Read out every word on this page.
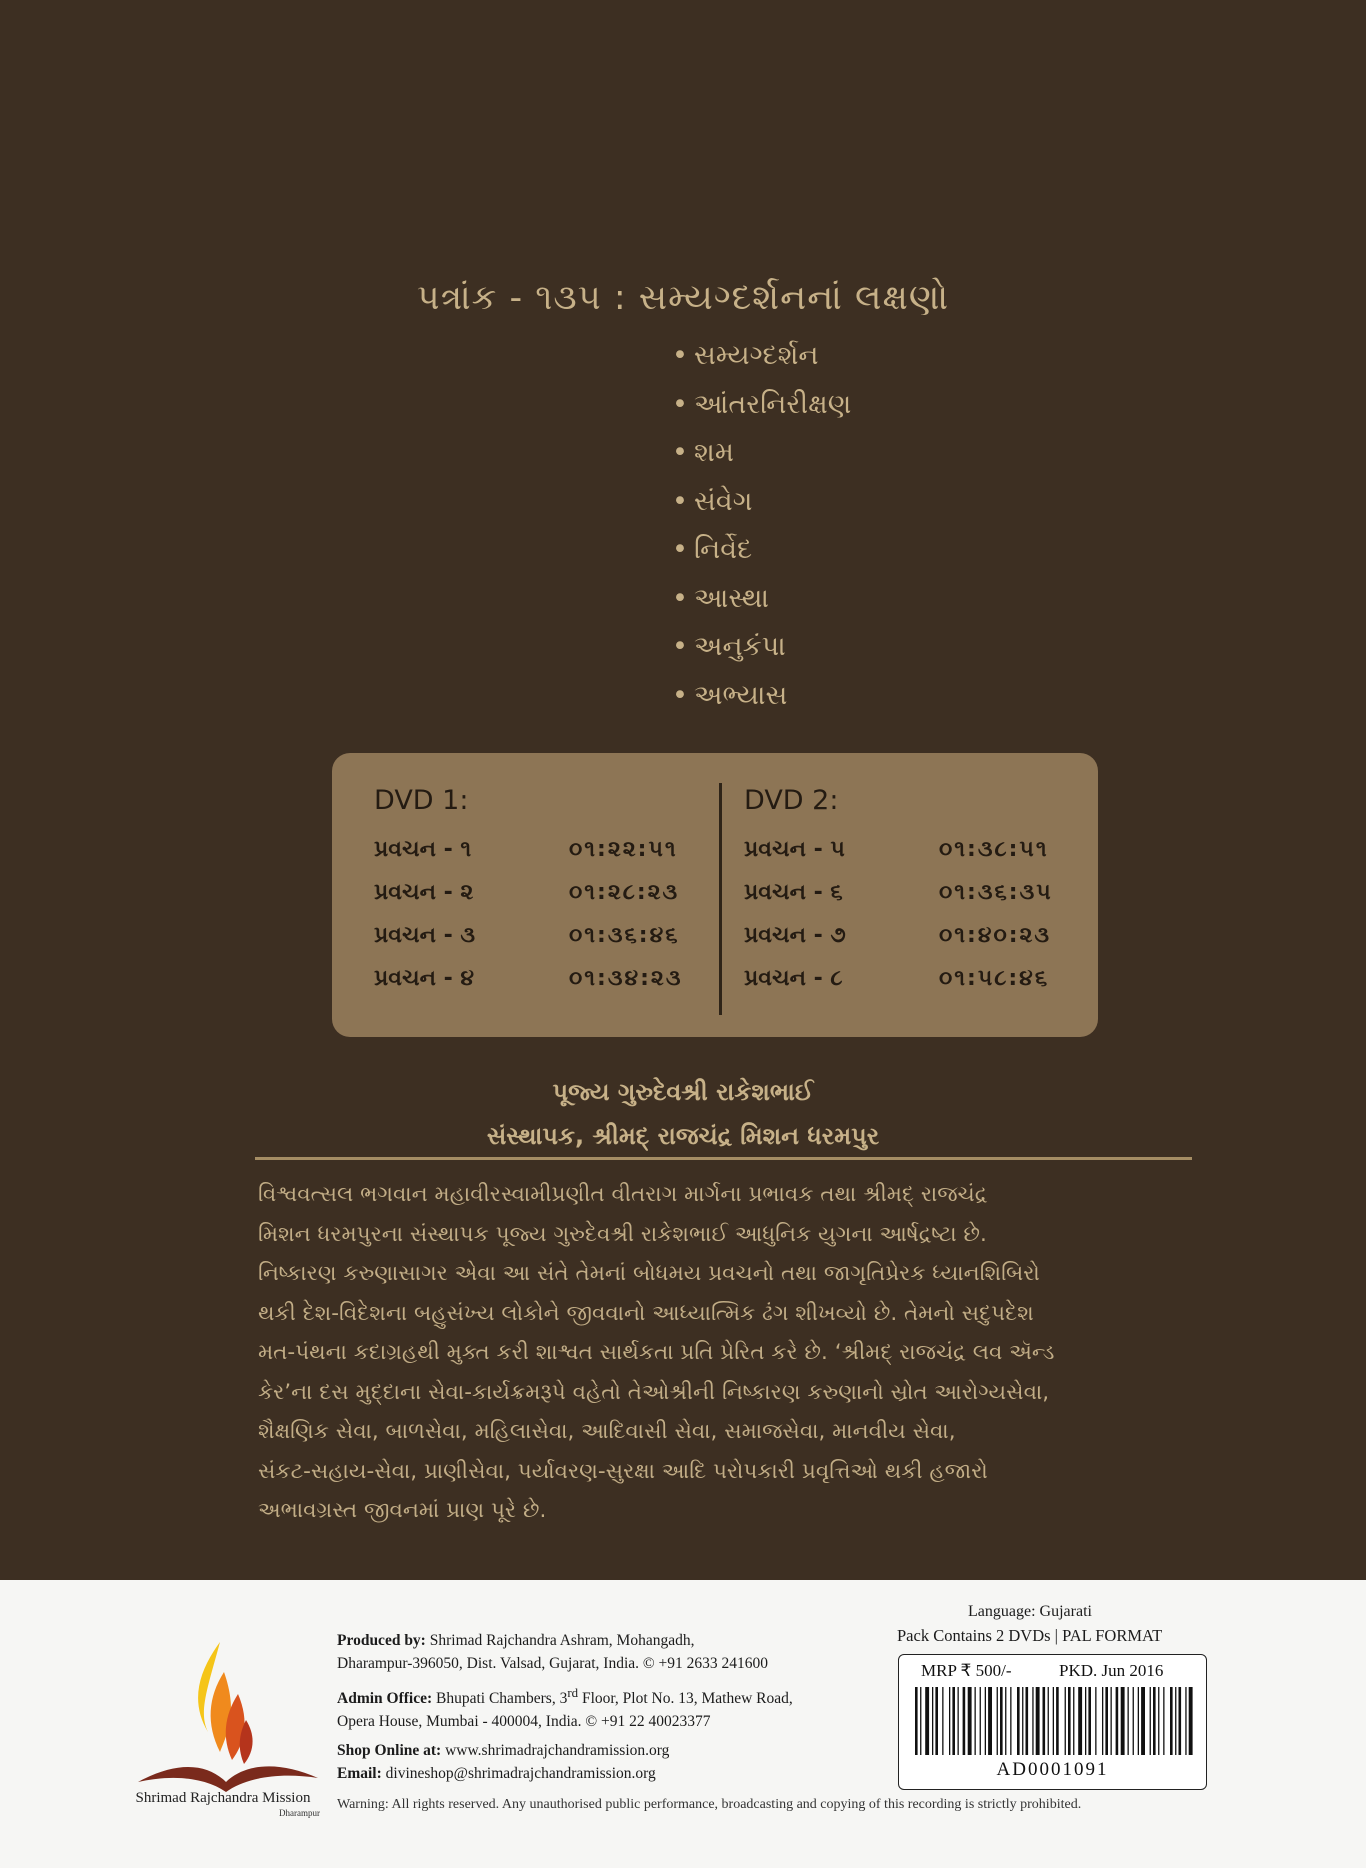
પત્રાંક - ૧૩૫ : સમ્યગ્દર્શનનાં લક્ષણો
• સમ્યગ્દર્શન
• આંતરનિરીક્ષણ
• શમ
• સંવેગ
• નિર્વેદ
• આસ્થા
• અનુકંપા
• અભ્યાસ
DVD 1:
પ્રવચન - ૧	૦૧:૨૨:૫૧
પ્રવચન - ૨	૦૧:૨૮:૨૩
પ્રવચન - ૩	૦૧:૩૬:૪૬
પ્રવચન - ૪	૦૧:૩૪:૨૩
DVD 2:
પ્રવચન - ૫	૦૧:૩૮:૫૧
પ્રવચન - ૬	૦૧:૩૬:૩૫
પ્રવચન - ૭	૦૧:૪૦:૨૩
પ્રવચન - ૮	૦૧:૫૮:૪૬
પૂજ્ય ગુરુદેવશ્રી રાકેશભાઈ
સંસ્થાપક, શ્રીમદ્ રાજચંદ્ર મિશન ધરમપુર
વિશ્વવત્સલ ભગવાન મહાવીરસ્વામીપ્રણીત વીતરાગ માર્ગના પ્રભાવક તથા શ્રીમદ્ રાજચંદ્ર
મિશન ધરમપુરના સંસ્થાપક પૂજ્ય ગુરુદેવશ્રી રાકેશભાઈ આધુનિક યુગના આર્ષદ્રષ્ટા છે.
નિષ્કારણ કરુણાસાગર એવા આ સંતે તેમનાં બોધમય પ્રવચનો તથા જાગૃતિપ્રેરક ધ્યાનશિબિરો
થકી દેશ-વિદેશના બહુસંખ્ય લોકોને જીવવાનો આધ્યાત્મિક ઢંગ શીખવ્યો છે. તેમનો સદુપદેશ
મત-પંથના કદાગ્રહથી મુક્ત કરી શાશ્વત સાર્થકતા પ્રતિ પ્રેરિત કરે છે. ‘શ્રીમદ્ રાજચંદ્ર લવ ઍન્ડ
કેર’ના દસ મુદ્દાના સેવા-કાર્યક્રમરૂપે વહેતો તેઓશ્રીની નિષ્કારણ કરુણાનો સ્રોત આરોગ્યસેવા,
શૈક્ષણિક સેવા, બાળસેવા, મહિલાસેવા, આદિવાસી સેવા, સમાજસેવા, માનવીય સેવા,
સંકટ-સહાય-સેવા, પ્રાણીસેવા, પર્યાવરણ-સુરક્ષા આદિ પરોપકારી પ્રવૃત્તિઓ થકી હજારો
અભાવગ્રસ્ત જીવનમાં પ્રાણ પૂરે છે.
Shrimad Rajchandra Mission
Dharampur
Produced by: Shrimad Rajchandra Ashram, Mohangadh,
Dharampur-396050, Dist. Valsad, Gujarat, India. © +91 2633 241600
Admin Office: Bhupati Chambers, 3rd Floor, Plot No. 13, Mathew Road,
Opera House, Mumbai - 400004, India. © +91 22 40023377
Shop Online at: www.shrimadrajchandramission.org
Email: divineshop@shrimadrajchandramission.org
Language: Gujarati
Pack Contains 2 DVDs | PAL FORMAT
MRP ₹ 500/-	PKD. Jun 2016
AD0001091
Warning: All rights reserved. Any unauthorised public performance, broadcasting and copying of this recording is strictly prohibited.
